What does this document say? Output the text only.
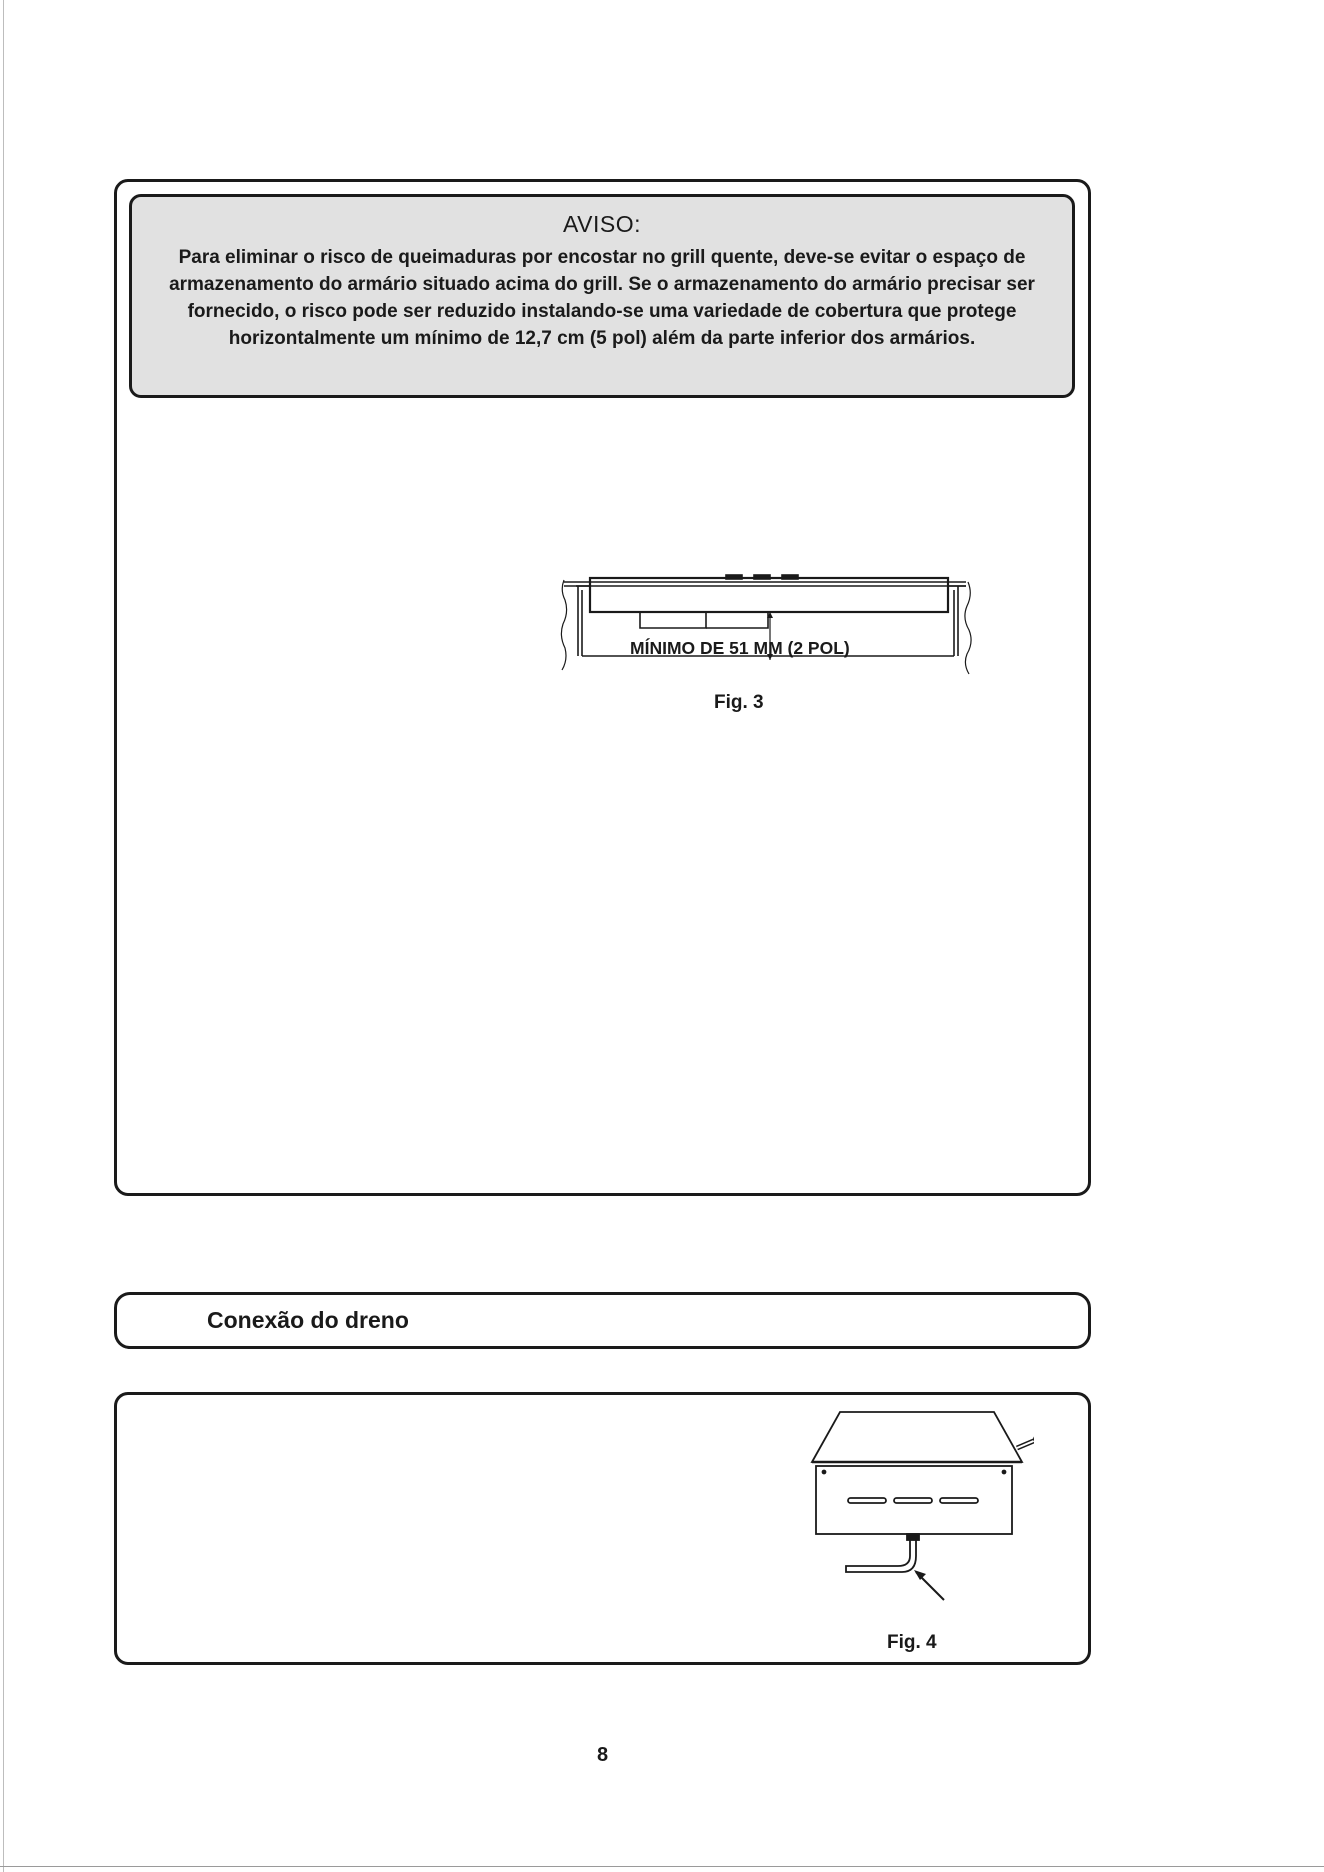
AVISO:

Para eliminar o risco de queimaduras por encostar no grill quente, deve-se evitar o espaço de armazenamento do armário situado acima do grill. Se o armazenamento do armário precisar ser fornecido, o risco pode ser reduzido instalando-se uma variedade de cobertura que protege horizontalmente um mínimo de 12,7 cm (5 pol) além da parte inferior dos armários.

MÍNIMO DE 51 MM (2 POL)
Fig. 3
Conexão do dreno
Fig. 4
8
